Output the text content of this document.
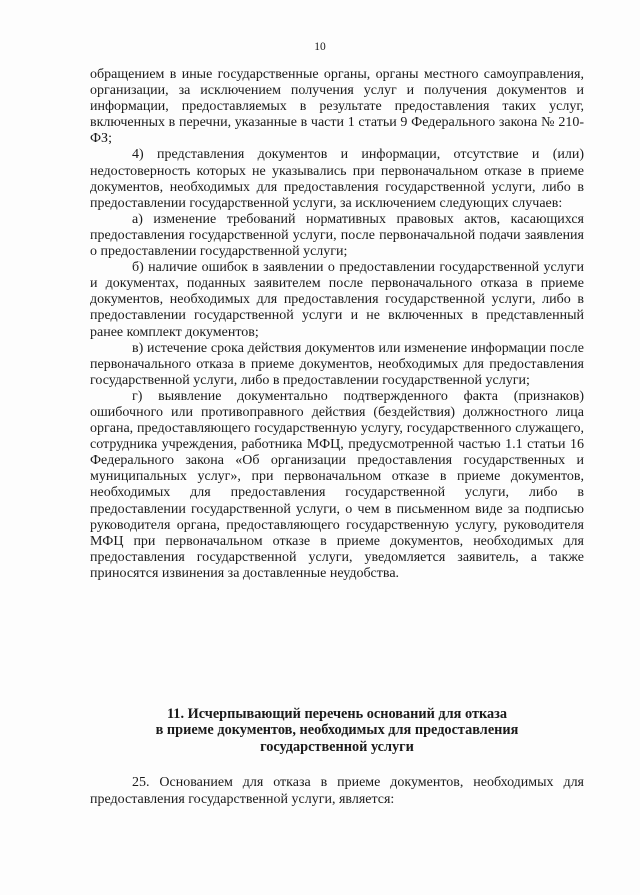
10

обращением в иные государственные органы, органы местного самоуправления, организации, за исключением получения услуг и получения документов и информации, предоставляемых в результате предоставления таких услуг, включенных в перечни, указанные в части 1 статьи 9 Федерального закона № 210-ФЗ;

4) представления документов и информации, отсутствие и (или) недостоверность которых не указывались при первоначальном отказе в приеме документов, необходимых для предоставления государственной услуги, либо в предоставлении государственной услуги, за исключением следующих случаев:

а) изменение требований нормативных правовых актов, касающихся предоставления государственной услуги, после первоначальной подачи заявления о предоставлении государственной услуги;

б) наличие ошибок в заявлении о предоставлении государственной услуги и документах, поданных заявителем после первоначального отказа в приеме документов, необходимых для предоставления государственной услуги, либо в предоставлении государственной услуги и не включенных в представленный ранее комплект документов;

в) истечение срока действия документов или изменение информации после первоначального отказа в приеме документов, необходимых для предоставления государственной услуги, либо в предоставлении государственной услуги;

г) выявление документально подтвержденного факта (признаков) ошибочного или противоправного действия (бездействия) должностного лица органа, предоставляющего государственную услугу, государственного служащего, сотрудника учреждения, работника МФЦ, предусмотренной частью 1.1 статьи 16 Федерального закона «Об организации предоставления государственных и муниципальных услуг», при первоначальном отказе в приеме документов, необходимых для предоставления государственной услуги, либо в предоставлении государственной услуги, о чем в письменном виде за подписью руководителя органа, предоставляющего государственную услугу, руководителя МФЦ при первоначальном отказе в приеме документов, необходимых для предоставления государственной услуги, уведомляется заявитель, а также приносятся извинения за доставленные неудобства.

11. Исчерпывающий перечень оснований для отказа
в приеме документов, необходимых для предоставления
государственной услуги

25. Основанием для отказа в приеме документов, необходимых для предоставления государственной услуги, является:
